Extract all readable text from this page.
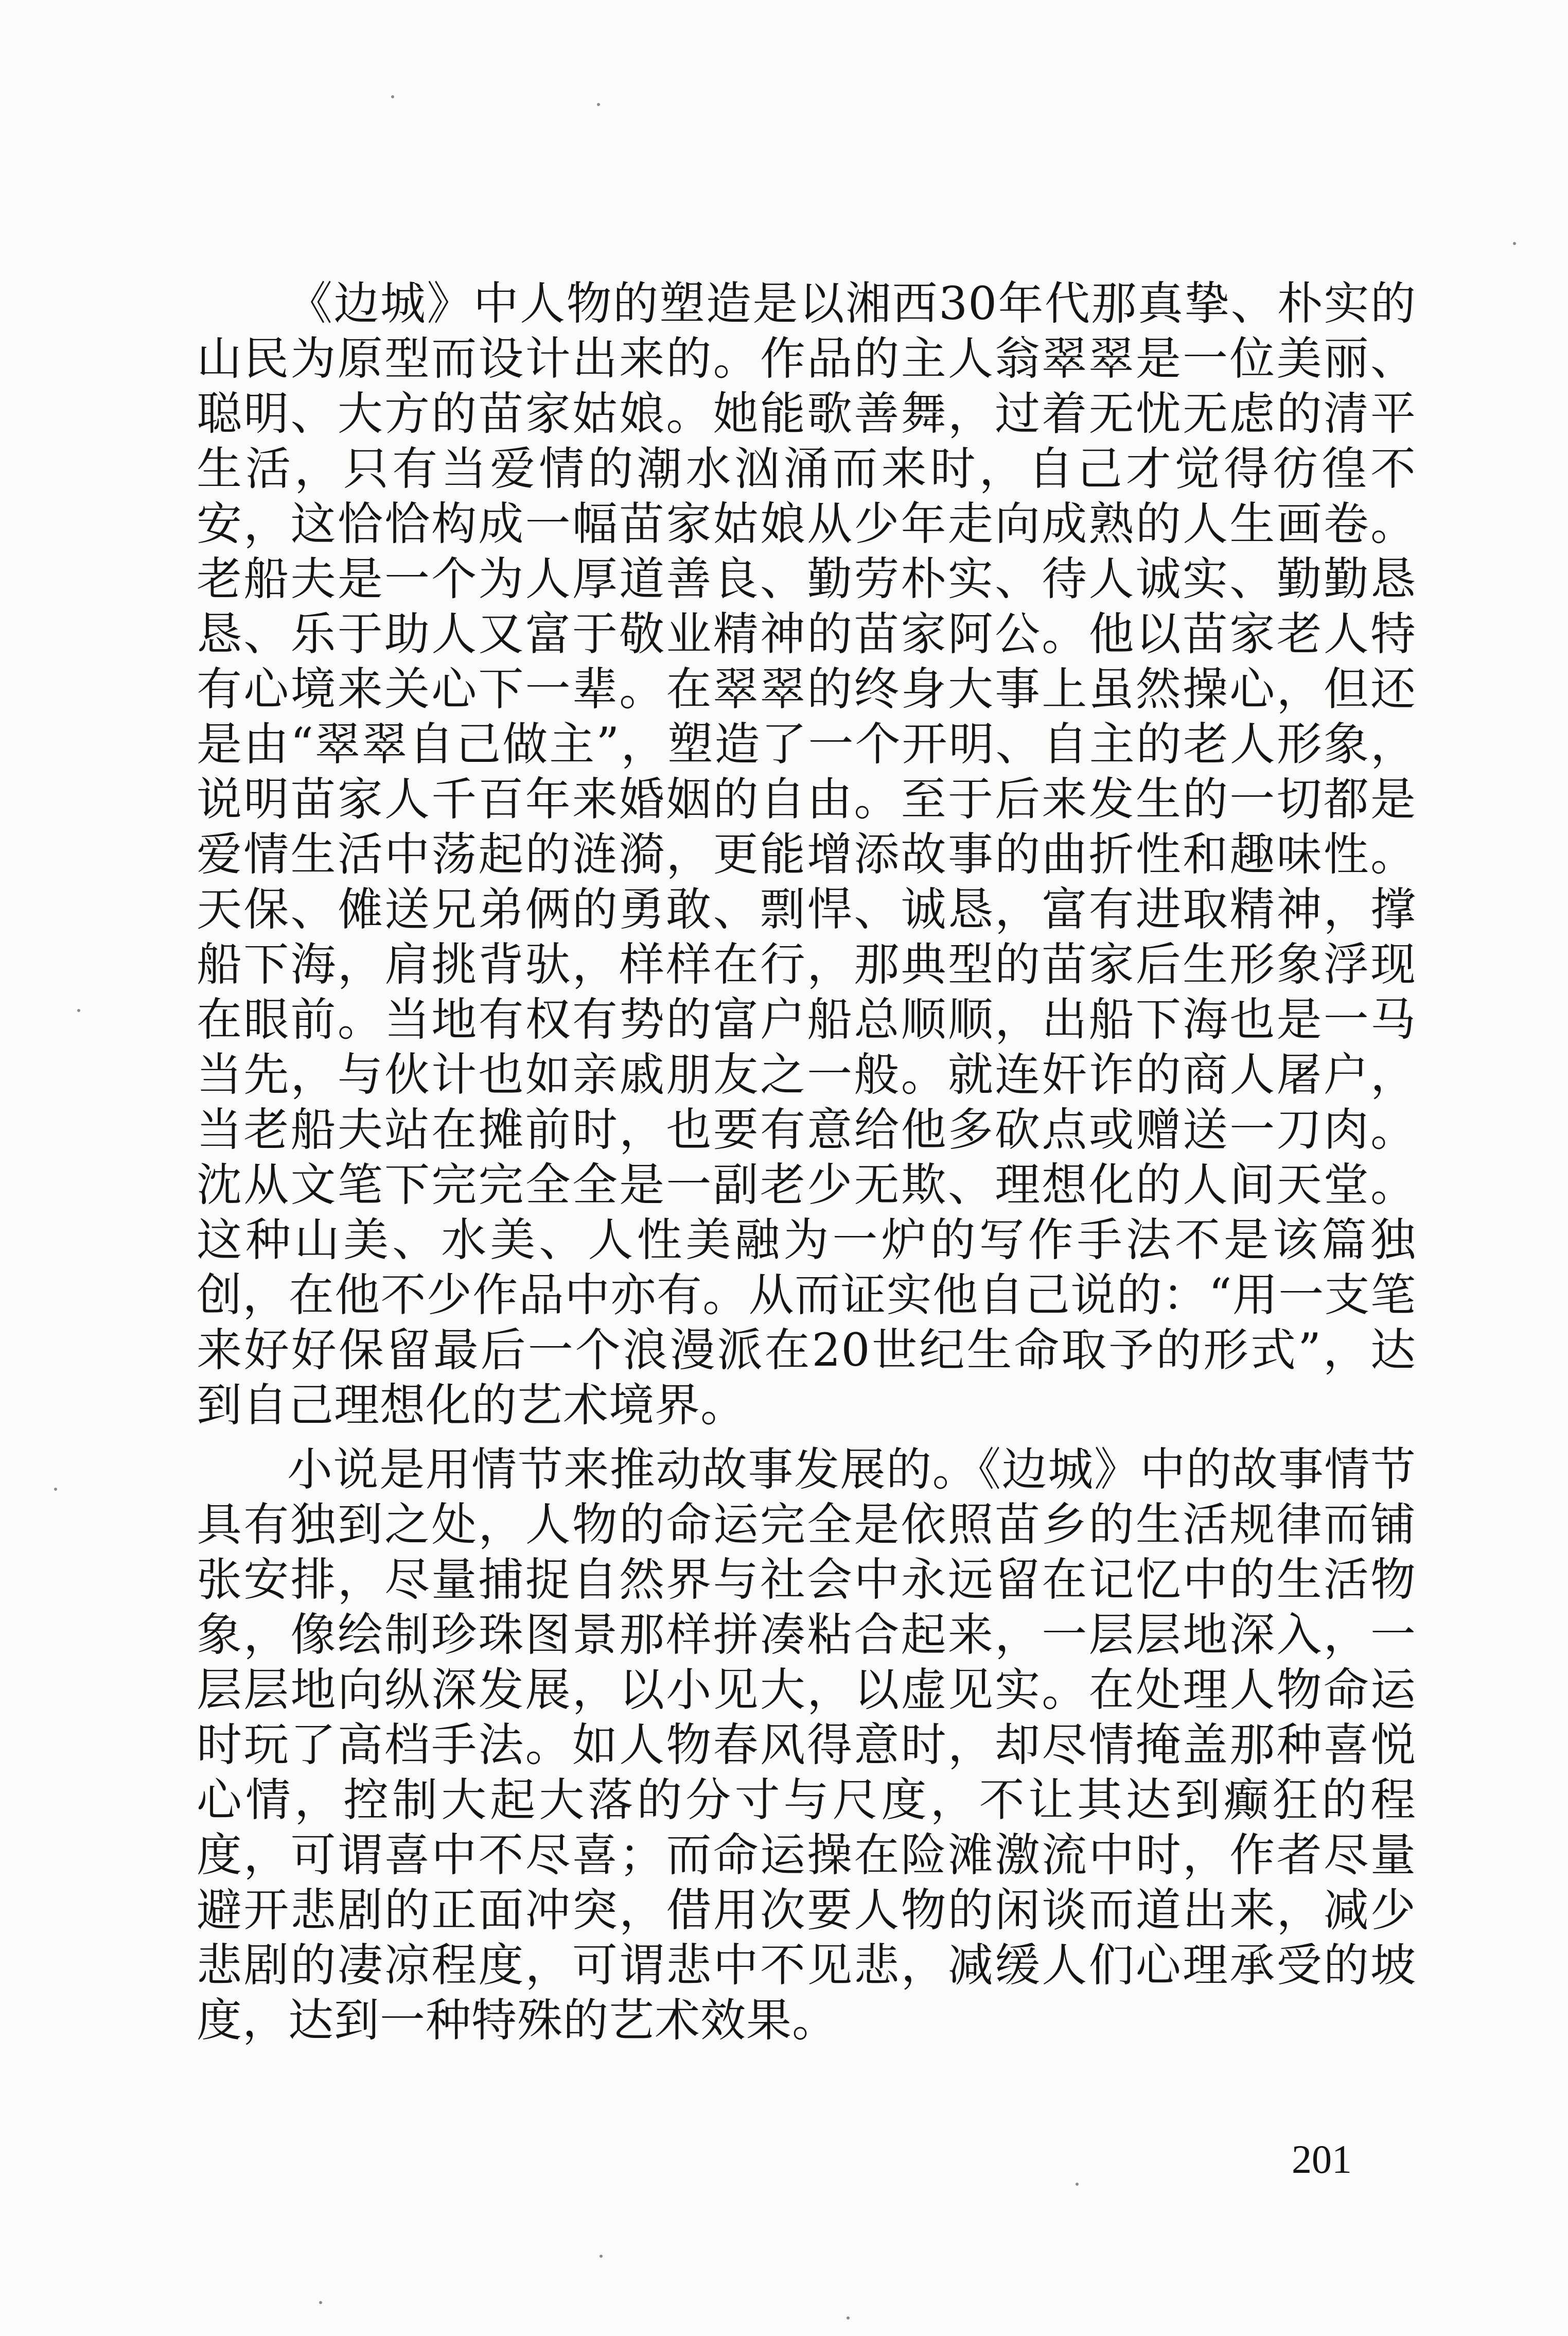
《边城》中人物的塑造是以湘西30年代那真挚、朴实的山民为原型而设计出来的。作品的主人翁翠翠是一位美丽、聪明、大方的苗家姑娘。她能歌善舞，过着无忧无虑的清平生活，只有当爱情的潮水汹涌而来时，自己才觉得彷徨不安，这恰恰构成一幅苗家姑娘从少年走向成熟的人生画卷。老船夫是一个为人厚道善良、勤劳朴实、待人诚实、勤勤恳恳、乐于助人又富于敬业精神的苗家阿公。他以苗家老人特有心境来关心下一辈。在翠翠的终身大事上虽然操心，但还是由“翠翠自己做主”，塑造了一个开明、自主的老人形象，说明苗家人千百年来婚姻的自由。至于后来发生的一切都是爱情生活中荡起的涟漪，更能增添故事的曲折性和趣味性。天保、傩送兄弟俩的勇敢、剽悍、诚恳，富有进取精神，撑船下海，肩挑背驮，样样在行，那典型的苗家后生形象浮现在眼前。当地有权有势的富户船总顺顺，出船下海也是一马当先，与伙计也如亲戚朋友之一般。就连奸诈的商人屠户，当老船夫站在摊前时，也要有意给他多砍点或赠送一刀肉。沈从文笔下完完全全是一副老少无欺、理想化的人间天堂。这种山美、水美、人性美融为一炉的写作手法不是该篇独创，在他不少作品中亦有。从而证实他自己说的：“用一支笔来好好保留最后一个浪漫派在20世纪生命取予的形式”，达到自己理想化的艺术境界。

小说是用情节来推动故事发展的。《边城》中的故事情节具有独到之处，人物的命运完全是依照苗乡的生活规律而铺张安排，尽量捕捉自然界与社会中永远留在记忆中的生活物象，像绘制珍珠图景那样拼凑粘合起来，一层层地深入，一层层地向纵深发展，以小见大，以虚见实。在处理人物命运时玩了高档手法。如人物春风得意时，却尽情掩盖那种喜悦心情，控制大起大落的分寸与尺度，不让其达到癫狂的程度，可谓喜中不尽喜；而命运操在险滩激流中时，作者尽量避开悲剧的正面冲突，借用次要人物的闲谈而道出来，减少悲剧的凄凉程度，可谓悲中不见悲，减缓人们心理承受的坡度，达到一种特殊的艺术效果。

201
